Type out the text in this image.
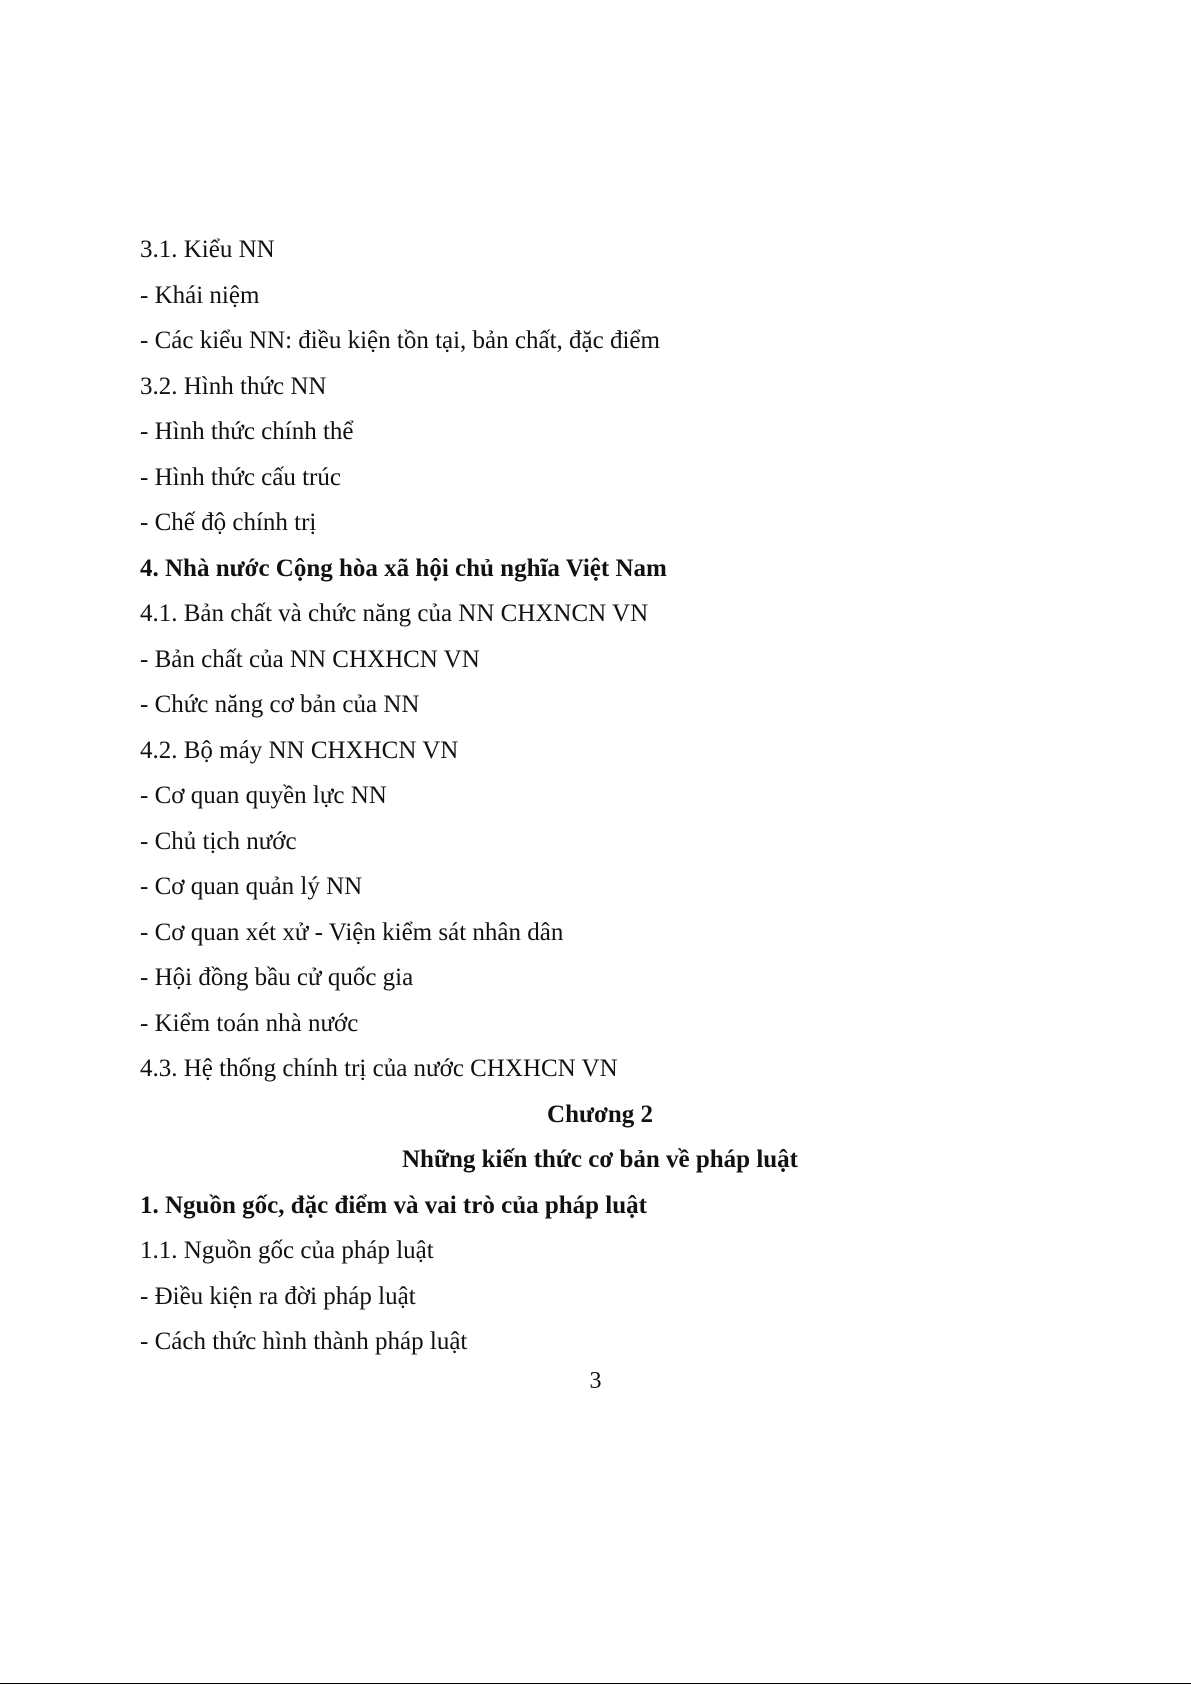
3.1. Kiểu NN
- Khái niệm
- Các kiểu NN: điều kiện tồn tại, bản chất, đặc điểm
3.2. Hình thức NN
- Hình thức chính thể
- Hình thức cấu trúc
- Chế độ chính trị
4. Nhà nước Cộng hòa xã hội chủ nghĩa Việt Nam
4.1. Bản chất và chức năng của NN CHXNCN VN
- Bản chất của NN CHXHCN VN
- Chức năng cơ bản của NN
4.2. Bộ máy NN CHXHCN VN
- Cơ quan quyền lực NN
- Chủ tịch nước
- Cơ quan quản lý NN
- Cơ quan xét xử - Viện kiểm sát nhân dân
- Hội đồng bầu cử quốc gia
- Kiểm toán nhà nước
4.3. Hệ thống chính trị của nước CHXHCN VN
Chương 2
Những kiến thức cơ bản về pháp luật
1. Nguồn gốc, đặc điểm và vai trò của pháp luật
1.1. Nguồn gốc của pháp luật
- Điều kiện ra đời pháp luật
- Cách thức hình thành pháp luật
3
